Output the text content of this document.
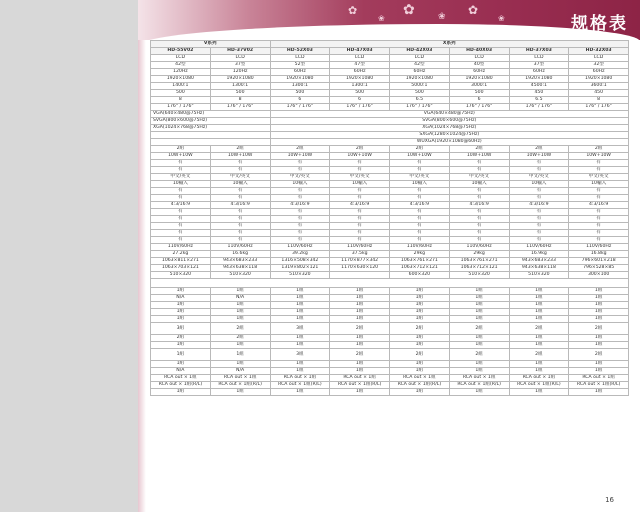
✿
❀
✿	❀ ✿
❀	规格表
V系列		X系列					
HD-55V02	HD-37V02	HD-52X03	HD-47X03	HD-42X03	HD-40X03	HD-37X03	HD-32X03
LCD	LCD	LCD	LCD	LCD	LCD	LCD	LCD
42型	37型	52型	47型	42型	40型	37型	32型
120Hz	120Hz	60Hz	60Hz	60Hz	60Hz	60Hz	60Hz
1920×1080	1920×1080	1920×1080	1920×1080	1920×1080	1920×1080	1920×1080	1920×1080
1400:1	1300:1	1300:1	1300:1	5000:1	3000:1	4500:1	3600:1
500	500	500	500	500	500	450	450
8	8	6	6	6.5	6	6.5	8
176° / 176°	176° / 176°	176° / 176°	176° / 176°	176° / 176°	176° / 176°	176° / 176°	176° / 176°
VGA(640×480@75Hz)		VGA(640×480@75Hz)					
SVGA(800×600@75Hz)		SVGA(800×600@75Hz)					
XGA(1024×768@75Hz)		XGA(1024×768@75Hz)					
		SXGA(1280×1024@75Hz)					
		WUXGA(1920×1080@60Hz)					
2組	2組	2組	2組	2組	2組	2組	2組
10W+10W	10W+10W	10W+10W	10W+10W	10W+10W	10W+10W	10W+10W	10W+10W
有	有	有	有	有	有	有	有
有	有	有	有	有	有	有	有
中文/英文	中文/英文	中文/英文	中文/英文	中文/英文	中文/英文	中文/英文	中文/英文
10輸入	10輸入	10輸入	10輸入	10輸入	10輸入	10輸入	10輸入
有	有	有	有	有	有	有	有
有	有	有	有	有	有	有	有
4:3/16:9	4:3/16:9	4:3/16:9	4:3/16:9	4:3/16:9	4:3/16:9	4:3/16:9	4:3/16:9
有	有	有	有	有	有	有	有
有	有	有	有	有	有	有	有
有	有	有	有	有	有	有	有
有	有	有	有	有	有	有	有
有	有	有	有	有	有	有	有
110V/60Hz	110V/60Hz	110V/60Hz	110V/60Hz	110V/60Hz	110V/60Hz	110V/60Hz	110V/60Hz
27.2kg	16.6kg	39.2kg	37.5kg	29kg	29kg	16.9kg	16.8kg
1063×811×271	943×683×233	1316×508×342	1170×877×342	1063×761×271	1063×761×271	943×683×233	796×601×218
1063×703×121	943×638×118	1319×802×121	1170×630×120	1063×712×121	1063×712×121	943×638×118	796×528×85
510×320	510×320	510×320		600×320	510×320	510×320	300×100

1組	1組	1組	1組	1組	1組	1組	1組
N/A	N/A	1組	1組	1組	1組	1組	1組
1組	1組	1組	1組	1組	1組	1組	1組
1組	1組	1組	1組	1組	1組	1組	1組
1組	1組	1組	1組	1組	1組	1組	1組
3組	2組	3組	2組	2組	2組	2組	2組
2組	2組	1組	1組	1組	1組	1組	1組
1組	1組	1組	1組	1組	1組	1組	1組
1組	1組	3組	2組	2組	2組	2組	2組
1組	1組	1組	1組	1組	1組	1組	1組
N/A	N/A	1組	1組	1組	1組	1組	1組
RCA out × 1組	RCA out × 1組	RCA out × 1組	RCA out × 1組	RCA out × 1組	RCA out × 1組	RCA out × 1組	RCA out × 1組
RCA out × 1組(R/L)	RCA out × 1組(R/L)	RCA out × 1組(R/L)	RCA out × 1組(R/L)	RCA out × 1組(R/L)	RCA out × 1組(R/L)	RCA out × 1組(R/L)	RCA out × 1組(R/L)
1組	1組	1組	1組	1組	1組	1組	1組
16
